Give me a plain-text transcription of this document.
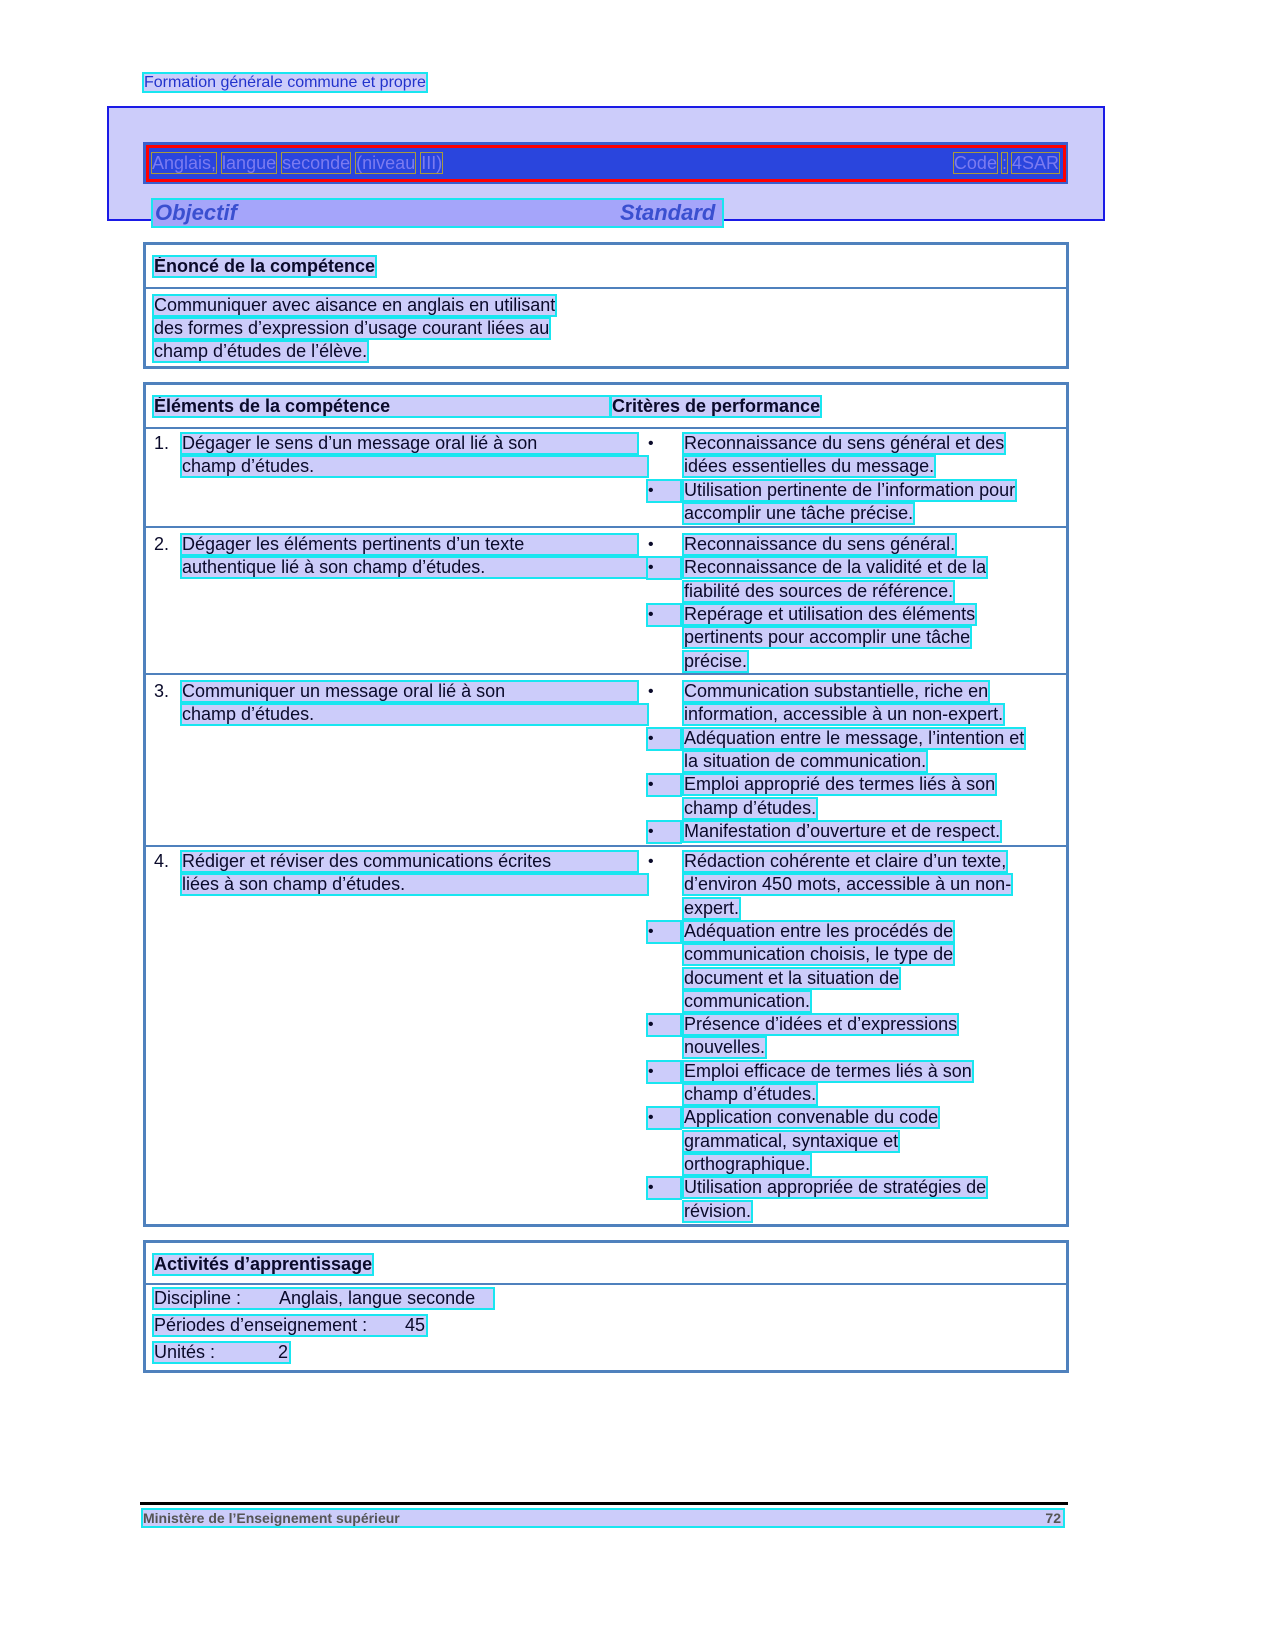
Formation générale commune et propre
Anglais, langue seconde (niveau III)	Code : 4SAR
Objectif	Standard
Énoncé de la compétence
Communiquer avec aisance en anglais en utilisant
des formes d’expression d’usage courant liées au
champ d’études de l’élève.
Éléments de la compétence	Critères de performance
1. Dégager le sens d’un message oral lié à son
champ d’études.
•	Reconnaissance du sens général et des
idées essentielles du message.
•	Utilisation pertinente de l’information pour
accomplir une tâche précise.
2. Dégager les éléments pertinents d’un texte
authentique lié à son champ d’études.
•	Reconnaissance du sens général.
•	Reconnaissance de la validité et de la
fiabilité des sources de référence.
•	Repérage et utilisation des éléments
pertinents pour accomplir une tâche
précise.
3. Communiquer un message oral lié à son
champ d’études.
•	Communication substantielle, riche en
information, accessible à un non-expert.
•	Adéquation entre le message, l’intention et
la situation de communication.
•	Emploi approprié des termes liés à son
champ d’études.
•	Manifestation d’ouverture et de respect.
4. Rédiger et réviser des communications écrites
liées à son champ d’études.
•	Rédaction cohérente et claire d’un texte,
d’environ 450 mots, accessible à un non-
expert.
•	Adéquation entre les procédés de
communication choisis, le type de
document et la situation de
communication.
•	Présence d’idées et d’expressions
nouvelles.
•	Emploi efficace de termes liés à son
champ d’études.
•	Application convenable du code
grammatical, syntaxique et
orthographique.
•	Utilisation appropriée de stratégies de
révision.
Activités d’apprentissage
Discipline : Anglais, langue seconde
Périodes d’enseignement : 45
Unités :	2
Ministère de l’Enseignement supérieur	72
